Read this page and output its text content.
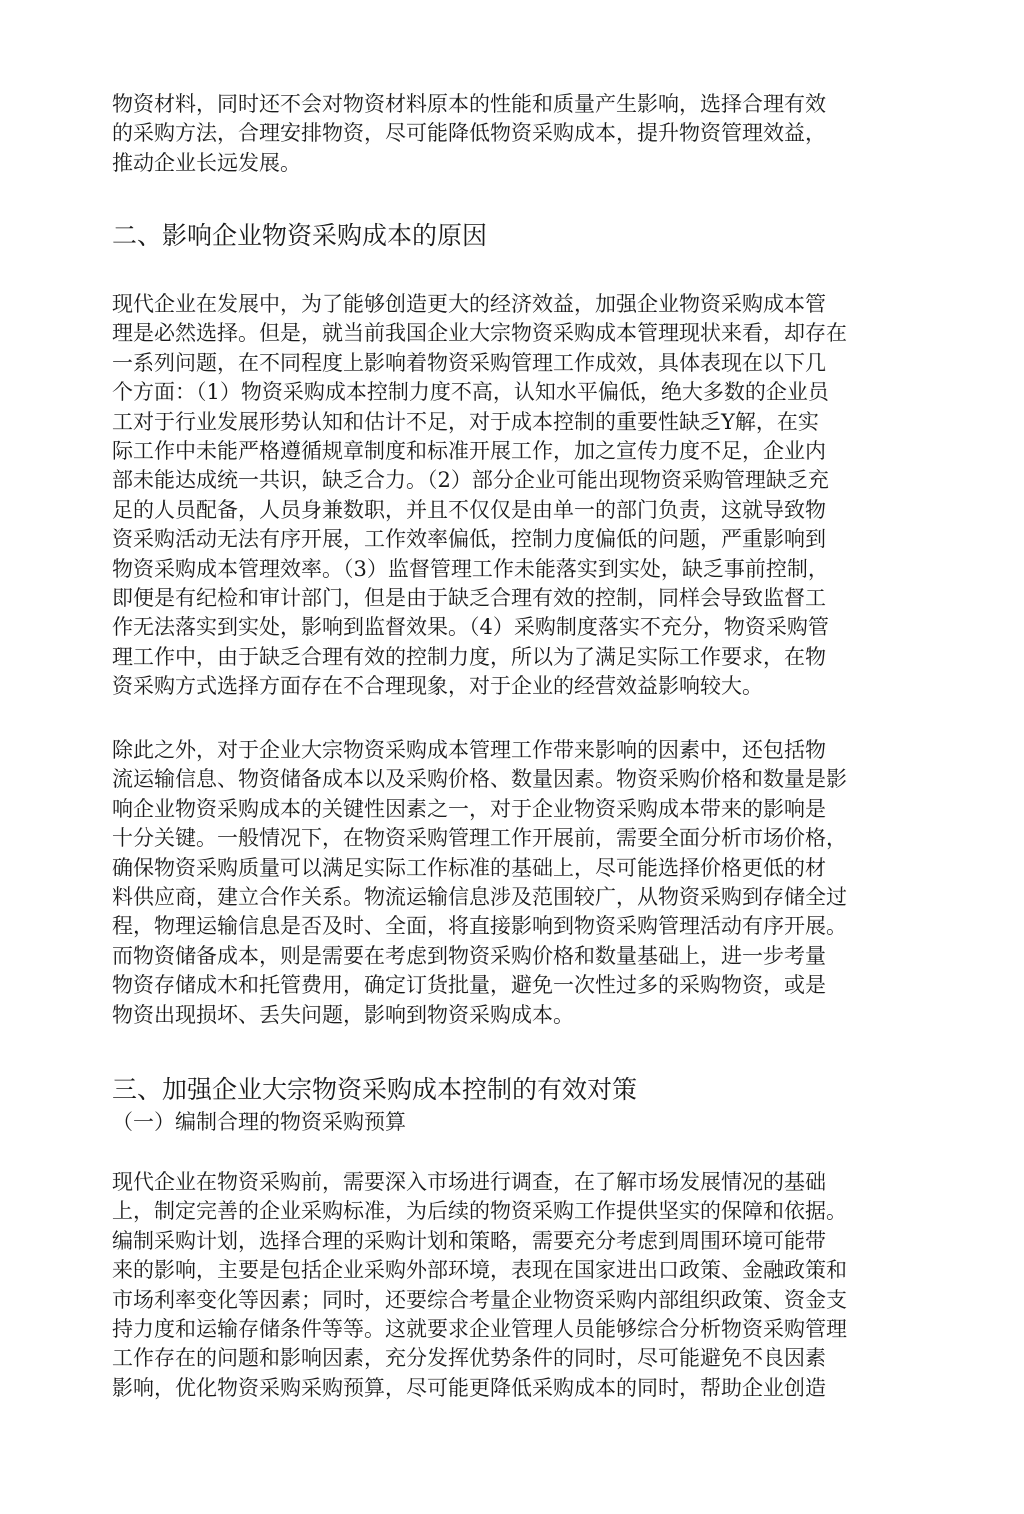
物资材料，同时还不会对物资材料原本的性能和质量产生影响，选择合理有效
的采购方法，合理安排物资，尽可能降低物资采购成本，提升物资管理效益，
推动企业长远发展。
二、影响企业物资采购成本的原因
现代企业在发展中，为了能够创造更大的经济效益，加强企业物资采购成本管
理是必然选择。但是，就当前我国企业大宗物资采购成本管理现状来看，却存在
一系列问题，在不同程度上影响着物资采购管理工作成效，具体表现在以下几
个方面：（1）物资采购成本控制力度不高，认知水平偏低，绝大多数的企业员
工对于行业发展形势认知和估计不足，对于成本控制的重要性缺乏Y解，在实
际工作中未能严格遵循规章制度和标准开展工作，加之宣传力度不足，企业内
部未能达成统一共识，缺乏合力。（2）部分企业可能出现物资采购管理缺乏充
足的人员配备，人员身兼数职，并且不仅仅是由单一的部门负责，这就导致物
资采购活动无法有序开展，工作效率偏低，控制力度偏低的问题，严重影响到
物资采购成本管理效率。（3）监督管理工作未能落实到实处，缺乏事前控制，
即便是有纪检和审计部门，但是由于缺乏合理有效的控制，同样会导致监督工
作无法落实到实处，影响到监督效果。（4）采购制度落实不充分，物资采购管
理工作中，由于缺乏合理有效的控制力度，所以为了满足实际工作要求，在物
资采购方式选择方面存在不合理现象，对于企业的经营效益影响较大。
除此之外，对于企业大宗物资采购成本管理工作带来影响的因素中，还包括物
流运输信息、物资储备成本以及采购价格、数量因素。物资采购价格和数量是影
响企业物资采购成本的关键性因素之一，对于企业物资采购成本带来的影响是
十分关键。一般情况下，在物资采购管理工作开展前，需要全面分析市场价格，
确保物资采购质量可以满足实际工作标准的基础上，尽可能选择价格更低的材
料供应商，建立合作关系。物流运输信息涉及范围较广，从物资采购到存储全过
程，物理运输信息是否及时、全面，将直接影响到物资采购管理活动有序开展。
而物资储备成本，则是需要在考虑到物资采购价格和数量基础上，进一步考量
物资存储成木和托管费用，确定订货批量，避免一次性过多的采购物资，或是
物资出现损坏、丢失问题，影响到物资采购成本。
三、加强企业大宗物资采购成本控制的有效对策
（一）编制合理的物资采购预算
现代企业在物资采购前，需要深入市场进行调查，在了解市场发展情况的基础
上，制定完善的企业采购标准，为后续的物资采购工作提供坚实的保障和依据。
编制采购计划，选择合理的采购计划和策略，需要充分考虑到周围环境可能带
来的影响，主要是包括企业采购外部环境，表现在国家进出口政策、金融政策和
市场利率变化等因素；同时，还要综合考量企业物资采购内部组织政策、资金支
持力度和运输存储条件等等。这就要求企业管理人员能够综合分析物资采购管理
工作存在的问题和影响因素，充分发挥优势条件的同时，尽可能避免不良因素
影响，优化物资采购采购预算，尽可能更降低采购成本的同时，帮助企业创造
